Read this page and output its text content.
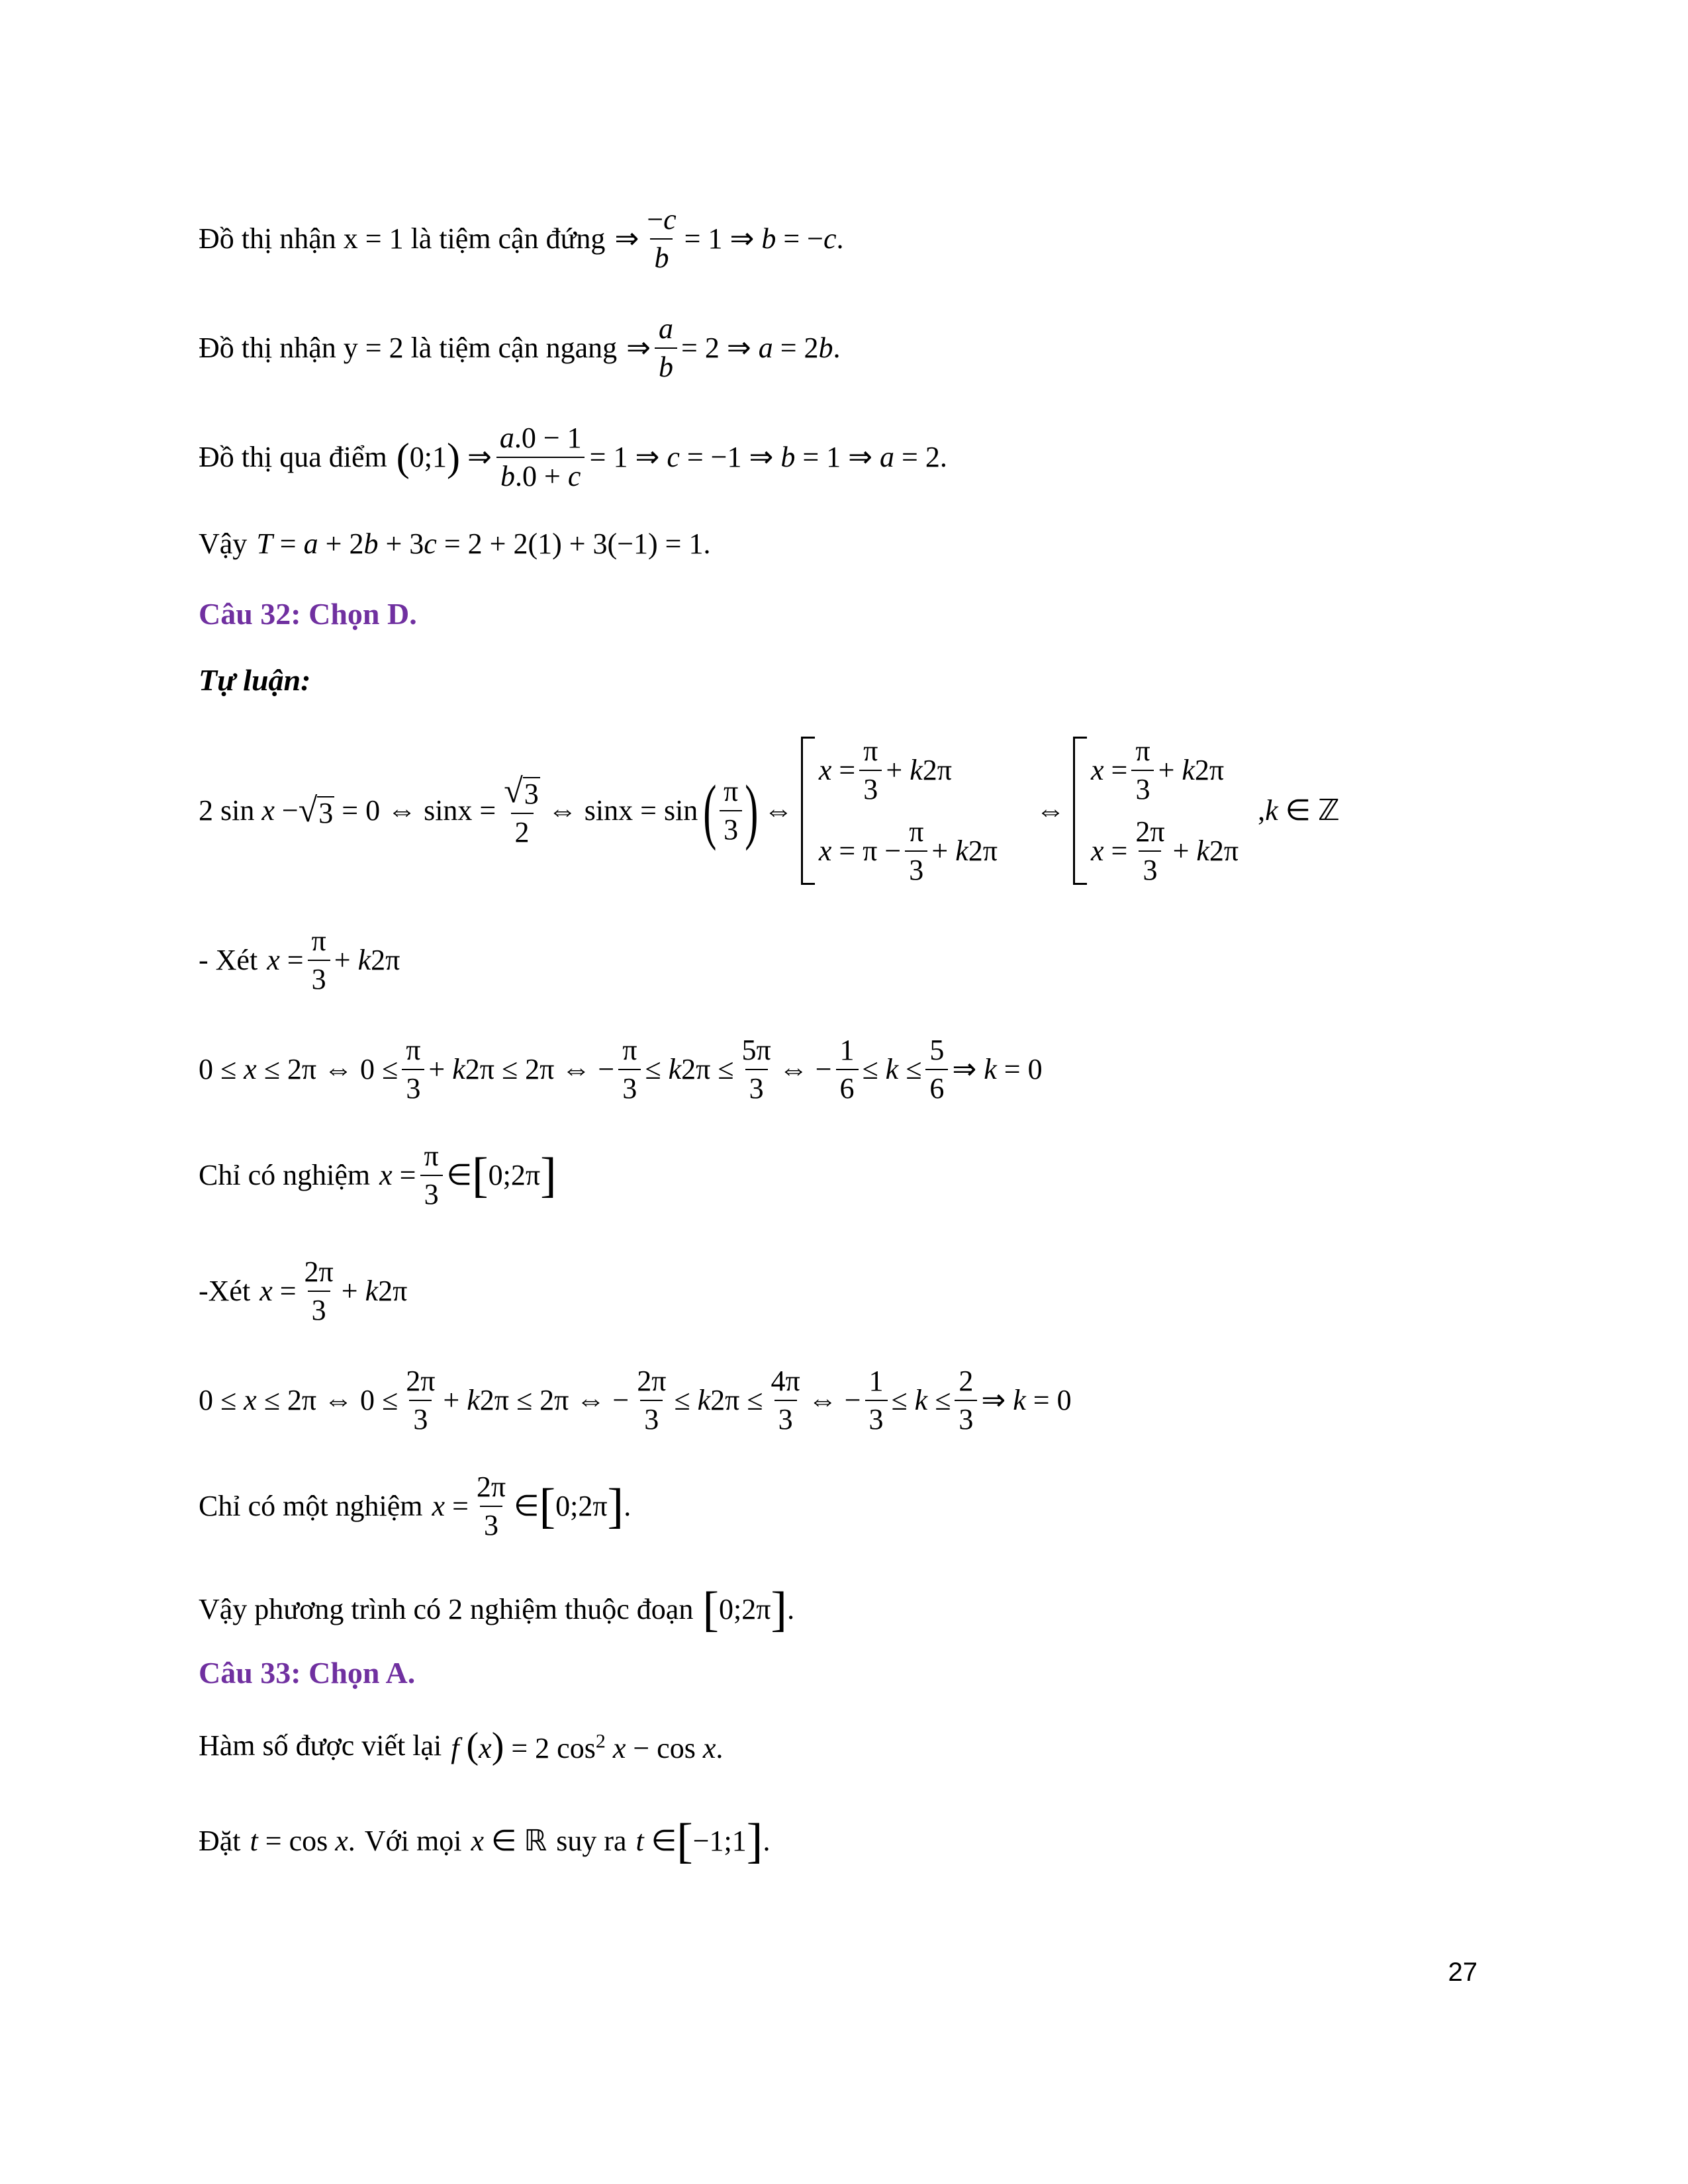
Đồ thị nhận x = 1 là tiệm cận đứng ⇒ $\frac{-c}{b} = 1$ ⇒ b = −c.
Đồ thị nhận y = 2 là tiệm cận ngang ⇒ $\frac{a}{b} = 2$ ⇒ a = 2b.
Đồ thị qua điểm ( 0;1 ) ⇒ $\frac{a.0 - 1}{b.0 + c} = 1$ ⇒ c = −1 ⇒ b = 1 ⇒ a = 2.
Vậy T = a + 2b + 3c = 2 + 2(1) + 3(−1) = 1.
Câu 32: Chọn D.
Tự luận:
2 sin x − √ 3 = 0 ⇔ $\sin x = \frac{√ 3}{2}$ ⇔ sinx = sin ( $\frac{\pi}{3}$ ) ⇔
$x = \frac{\pi}{3} + k2\pi$
$x = \pi - \frac{\pi}{3} + k2\pi$
⇔
$x = \frac{\pi}{3} + k2\pi$
$x = \frac{2\pi}{3} + k2\pi$
,k ∈ ℤ
- Xét $x = \frac{\pi}{3} + k2\pi$
0 ≤ x ≤ 2π ⇔ $0 \le \frac{\pi}{3} + k2\pi \le 2\pi$ ⇔ − $\frac{\pi}{3} \le k2\pi \le \frac{5\pi}{3}$ ⇔ − $\frac{1}{6} \le k \le \frac{5}{6}$ ⇒ k = 0
Chỉ có nghiệm $x = \frac{\pi}{3}$ ∈ [ 0;2π ]
-Xét $x = \frac{2\pi}{3} + k2\pi$
0 ≤ x ≤ 2π ⇔ $0 \le \frac{2\pi}{3} + k2\pi \le 2\pi$ ⇔ − $\frac{2\pi}{3} \le k2\pi \le \frac{4\pi}{3}$ ⇔ − $\frac{1}{3} \le k \le \frac{2}{3}$ ⇒ k = 0
Chỉ có một nghiệm $x = \frac{2\pi}{3}$ ∈ [ 0;2π ] .
Vậy phương trình có 2 nghiệm thuộc đoạn [ 0;2π ] .
Câu 33: Chọn A.
Hàm số được viết lại f (x) = 2 $\cos^2 x - \cos x$.
Đặt t = cos x. Với mọi x ∈ ℝ suy ra t ∈ [ −1;1 ] .
27
